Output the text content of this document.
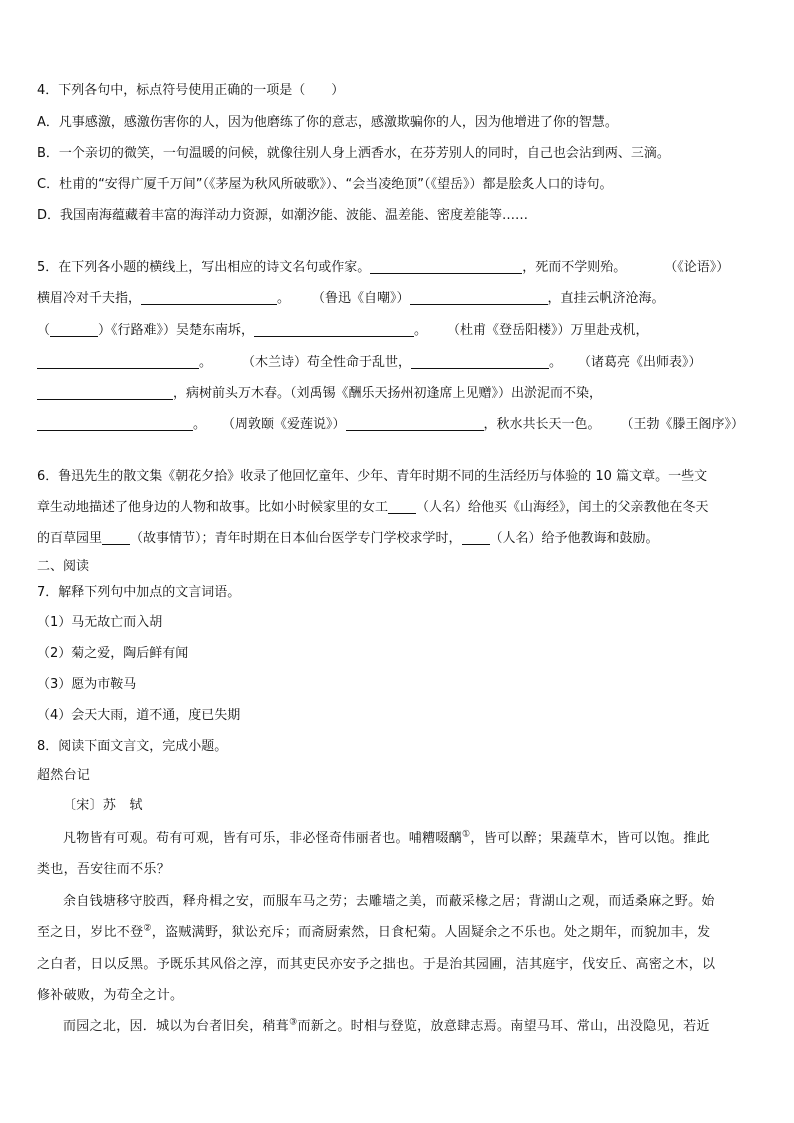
4．下列各句中，标点符号使用正确的一项是（　　）
A．凡事感激，感激伤害你的人，因为他磨练了你的意志，感激欺骗你的人，因为他增进了你的智慧。
B．一个亲切的微笑，一句温暖的问候，就像往别人身上洒香水，在芬芳别人的同时，自己也会沾到两、三滴。
C．杜甫的“安得广厦千万间”（《茅屋为秋风所破歌》）、“会当凌绝顶”（《望岳》）都是脍炙人口的诗句。
D．我国南海蕴藏着丰富的海洋动力资源，如潮汐能、波能、温差能、密度差能等……
5．在下列各小题的横线上，写出相应的诗文名句或作家。	，死而不学则殆。	（《论语》）
横眉冷对千夫指，	。 （鲁迅《自嘲》）	，直挂云帆济沧海。
（	）《行路难》）吴楚东南坼，	。 （杜甫《登岳阳楼》）万里赴戎机，
。 （木兰诗）苟全性命于乱世，	。 （诸葛亮《出师表》）
，病树前头万木春。（刘禹锡《酬乐天扬州初逢席上见赠》）出淤泥而不染，
。 （周敦颐《爱莲说》）	，秋水共长天一色。 （王勃《滕王阁序》）
6．鲁迅先生的散文集《朝花夕拾》收录了他回忆童年、少年、青年时期不同的生活经历与体验的 10 篇文章。一些文
章生动地描述了他身边的人物和故事。比如小时候家里的女工 （人名）给他买《山海经》，闰土的父亲教他在冬天
的百草园里 （故事情节）；青年时期在日本仙台医学专门学校求学时， （人名）给予他教诲和鼓励。
二、阅读
7．解释下列句中加点的文言词语。
（1）马无故亡而入胡
（2）菊之爱，陶后鲜有闻
（3）愿为市鞍马
（4）会天大雨，道不通，度已失期
8．阅读下面文言文，完成小题。
超然台记
〔宋〕苏　轼
凡物皆有可观。苟有可观，皆有可乐，非必怪奇伟丽者也。哺糟啜醨①，皆可以醉；果蔬草木，皆可以饱。推此
类也，吾安往而不乐？
余自钱塘移守胶西，释舟楫之安，而服车马之劳；去雕墙之美，而蔽采椽之居；背湖山之观，而适桑麻之野。始
至之日，岁比不登②，盗贼满野，狱讼充斥；而斋厨索然，日食杞菊。人固疑余之不乐也。处之期年，而貌加丰，发
之白者，日以反黑。予既乐其风俗之淳，而其吏民亦安予之拙也。于是治其园圃，洁其庭宇，伐安丘、高密之木，以
修补破败，为苟全之计。
而园之北，因．城以为台者旧矣，稍葺③而新之。时相与登览，放意肆志焉。南望马耳、常山，出没隐见，若近
